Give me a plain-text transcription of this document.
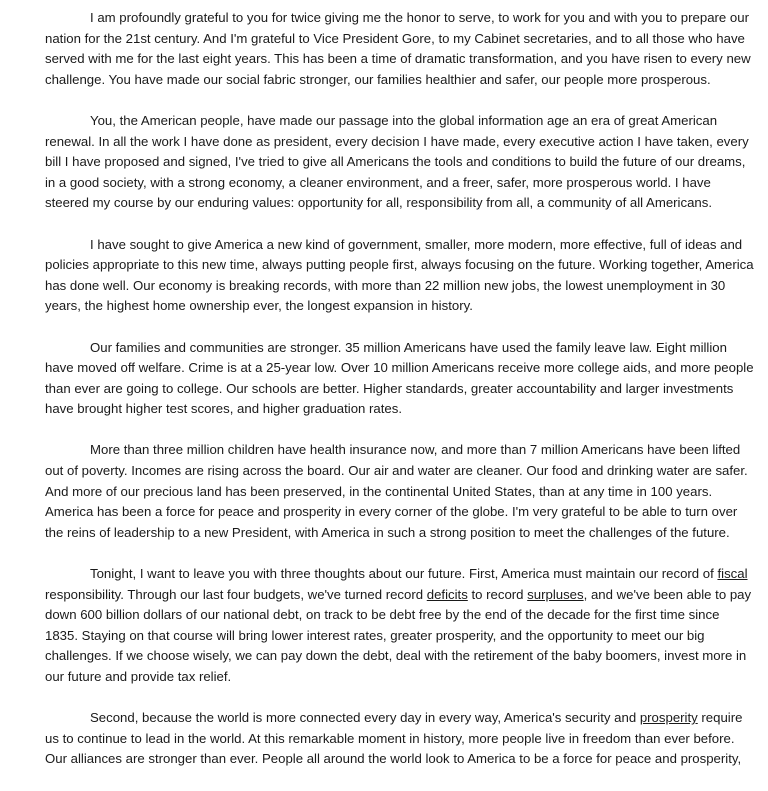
I am profoundly grateful to you for twice giving me the honor to serve, to work for you and with you to prepare our nation for the 21st century. And I'm grateful to Vice President Gore, to my Cabinet secretaries, and to all those who have served with me for the last eight years. This has been a time of dramatic transformation, and you have risen to every new challenge. You have made our social fabric stronger, our families healthier and safer, our people more prosperous.

You, the American people, have made our passage into the global information age an era of great American renewal. In all the work I have done as president, every decision I have made, every executive action I have taken, every bill I have proposed and signed, I've tried to give all Americans the tools and conditions to build the future of our dreams, in a good society, with a strong economy, a cleaner environment, and a freer, safer, more prosperous world. I have steered my course by our enduring values: opportunity for all, responsibility from all, a community of all Americans.

I have sought to give America a new kind of government, smaller, more modern, more effective, full of ideas and policies appropriate to this new time, always putting people first, always focusing on the future. Working together, America has done well. Our economy is breaking records, with more than 22 million new jobs, the lowest unemployment in 30 years, the highest home ownership ever, the longest expansion in history.

Our families and communities are stronger. 35 million Americans have used the family leave law. Eight million have moved off welfare. Crime is at a 25-year low. Over 10 million Americans receive more college aids, and more people than ever are going to college. Our schools are better. Higher standards, greater accountability and larger investments have brought higher test scores, and higher graduation rates.

More than three million children have health insurance now, and more than 7 million Americans have been lifted out of poverty. Incomes are rising across the board. Our air and water are cleaner. Our food and drinking water are safer. And more of our precious land has been preserved, in the continental United States, than at any time in 100 years. America has been a force for peace and prosperity in every corner of the globe. I'm very grateful to be able to turn over the reins of leadership to a new President, with America in such a strong position to meet the challenges of the future.

Tonight, I want to leave you with three thoughts about our future. First, America must maintain our record of fiscal responsibility. Through our last four budgets, we've turned record deficits to record surpluses, and we've been able to pay down 600 billion dollars of our national debt, on track to be debt free by the end of the decade for the first time since 1835. Staying on that course will bring lower interest rates, greater prosperity, and the opportunity to meet our big challenges. If we choose wisely, we can pay down the debt, deal with the retirement of the baby boomers, invest more in our future and provide tax relief.

Second, because the world is more connected every day in every way, America's security and prosperity require us to continue to lead in the world. At this remarkable moment in history, more people live in freedom than ever before. Our alliances are stronger than ever. People all around the world look to America to be a force for peace and prosperity,
